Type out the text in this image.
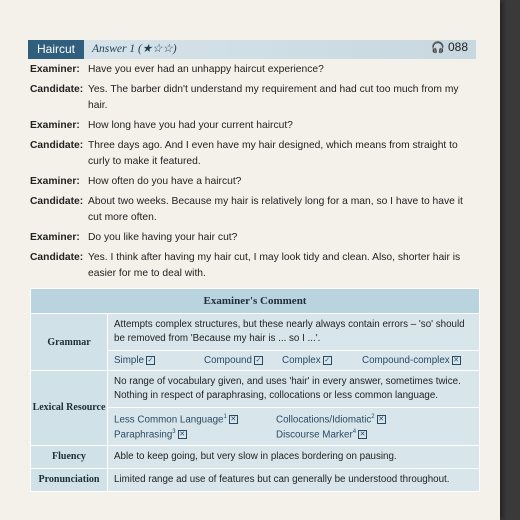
Haircut	Answer 1 (★☆☆)	🎧 088
Examiner: Have you ever had an unhappy haircut experience?
Candidate: Yes. The barber didn't understand my requirement and had cut too much from my hair.
Examiner: How long have you had your current haircut?
Candidate: Three days ago. And I even have my hair designed, which means from straight to curly to make it featured.
Examiner: How often do you have a haircut?
Candidate: About two weeks. Because my hair is relatively long for a man, so I have to have it cut more often.
Examiner: Do you like having your hair cut?
Candidate: Yes. I think after having my hair cut, I may look tidy and clean. Also, shorter hair is easier for me to deal with.
Examiner's Comment	
Grammar	Attempts complex structures, but these nearly always contain errors – 'so' should be removed from 'Because my hair is ... so I ...'.
	Simple ✓ Compound ✓ Complex ✓ Compound-complex ✕
Lexical Resource	No range of vocabulary given, and uses 'hair' in every answer, sometimes twice. Nothing in respect of paraphrasing, collocations or less common language.

	Less Common Language$^1$ ✕ Collocations/Idiomatic$^2$ ✕
Paraphrasing$^3$ ✕ Discourse Marker$^4$ ✕

Fluency	Able to keep going, but very slow in places bordering on pausing.
Pronunciation	Limited range ad use of features but can generally be understood throughout.
